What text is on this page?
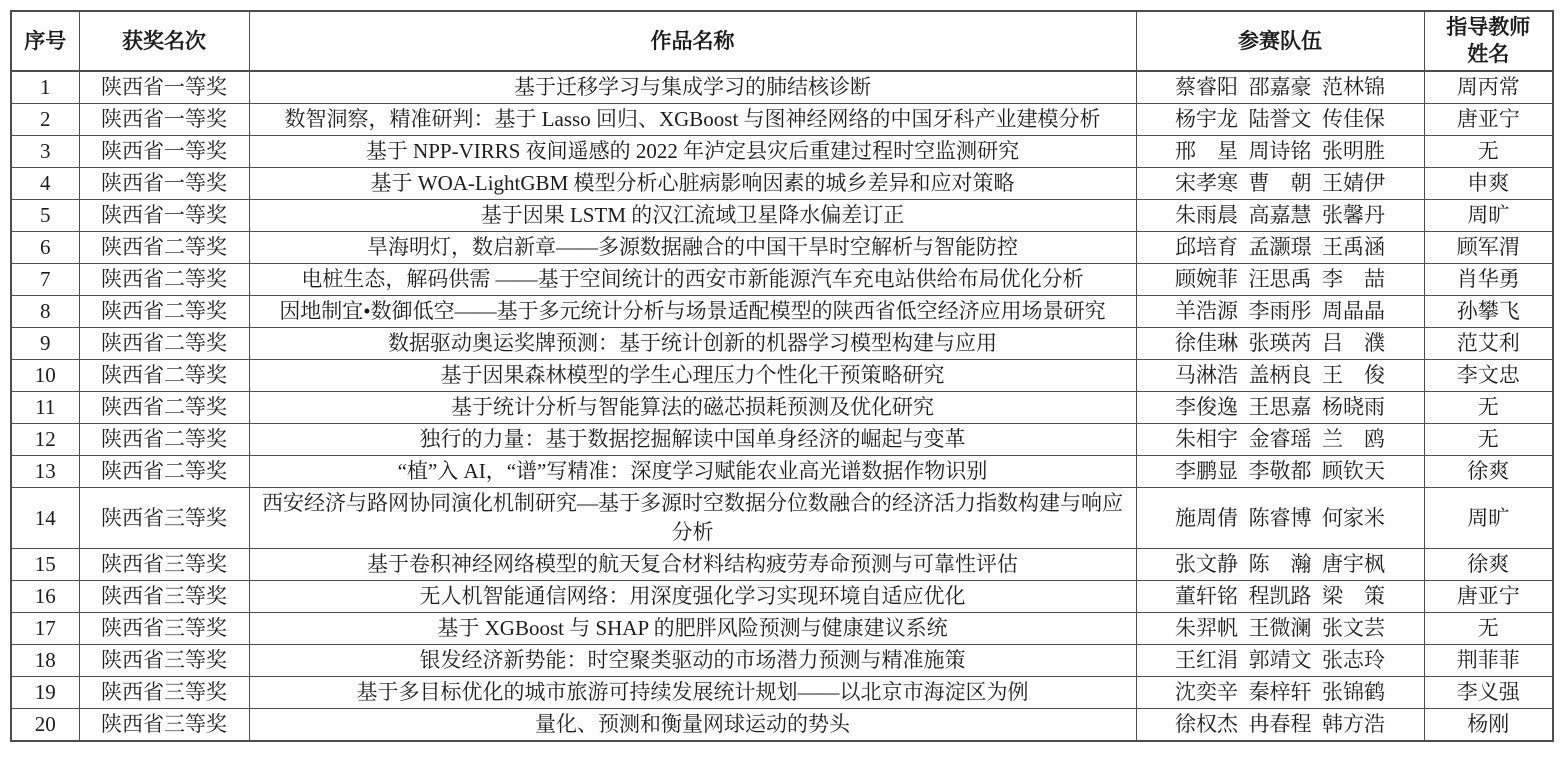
序号	获奖名次	作品名称	参赛队伍	指导教师
姓名

1	陕西省一等奖	基于迁移学习与集成学习的肺结核诊断	蔡睿阳  邵嘉豪  范林锦	周丙常
2	陕西省一等奖	数智洞察，精准研判：基于 Lasso 回归、XGBoost 与图神经网络的中国牙科产业建模分析	杨宇龙  陆誉文  传佳保	唐亚宁
3	陕西省一等奖	基于 NPP-VIRRS 夜间遥感的 2022 年泸定县灾后重建过程时空监测研究	邢　星  周诗铭  张明胜	无
4	陕西省一等奖	基于 WOA-LightGBM 模型分析心脏病影响因素的城乡差异和应对策略	宋孝寒  曹　朝  王婧伊	申爽
5	陕西省一等奖	基于因果 LSTM 的汉江流域卫星降水偏差订正	朱雨晨  高嘉慧  张馨丹	周旷
6	陕西省二等奖	旱海明灯，数启新章——多源数据融合的中国干旱时空解析与智能防控	邱培育  孟灏璟  王禹涵	顾军渭
7	陕西省二等奖	电桩生态，解码供需 ——基于空间统计的西安市新能源汽车充电站供给布局优化分析	顾婉菲  汪思禹  李　喆	肖华勇
8	陕西省二等奖	因地制宜•数御低空——基于多元统计分析与场景适配模型的陕西省低空经济应用场景研究	羊浩源  李雨彤  周晶晶	孙攀飞
9	陕西省二等奖	数据驱动奥运奖牌预测：基于统计创新的机器学习模型构建与应用	徐佳琳  张瑛芮  吕　濮	范艾利
10	陕西省二等奖	基于因果森林模型的学生心理压力个性化干预策略研究	马淋浩  盖柄良  王　俊	李文忠
11	陕西省二等奖	基于统计分析与智能算法的磁芯损耗预测及优化研究	李俊逸  王思嘉  杨晓雨	无
12	陕西省二等奖	独行的力量：基于数据挖掘解读中国单身经济的崛起与变革	朱相宇  金睿瑶  兰　鸥	无
13	陕西省二等奖	“植”入 AI，“谱”写精准：深度学习赋能农业高光谱数据作物识别	李鹏显  李敬都  顾钦天	徐爽
14	陕西省三等奖	西安经济与路网协同演化机制研究—基于多源时空数据分位数融合的经济活力指数构建与响应分析	施周倩  陈睿博  何家米	周旷
15	陕西省三等奖	基于卷积神经网络模型的航天复合材料结构疲劳寿命预测与可靠性评估	张文静  陈　瀚  唐宇枫	徐爽
16	陕西省三等奖	无人机智能通信网络：用深度强化学习实现环境自适应优化	董轩铭  程凯路  梁　策	唐亚宁
17	陕西省三等奖	基于 XGBoost 与 SHAP 的肥胖风险预测与健康建议系统	朱羿帆  王微澜  张文芸	无
18	陕西省三等奖	银发经济新势能：时空聚类驱动的市场潜力预测与精准施策	王红涓  郭靖文  张志玲	荆菲菲
19	陕西省三等奖	基于多目标优化的城市旅游可持续发展统计规划——以北京市海淀区为例	沈奕辛  秦梓轩  张锦鹤	李义强
20	陕西省三等奖	量化、预测和衡量网球运动的势头	徐权杰  冉春程  韩方浩	杨刚
